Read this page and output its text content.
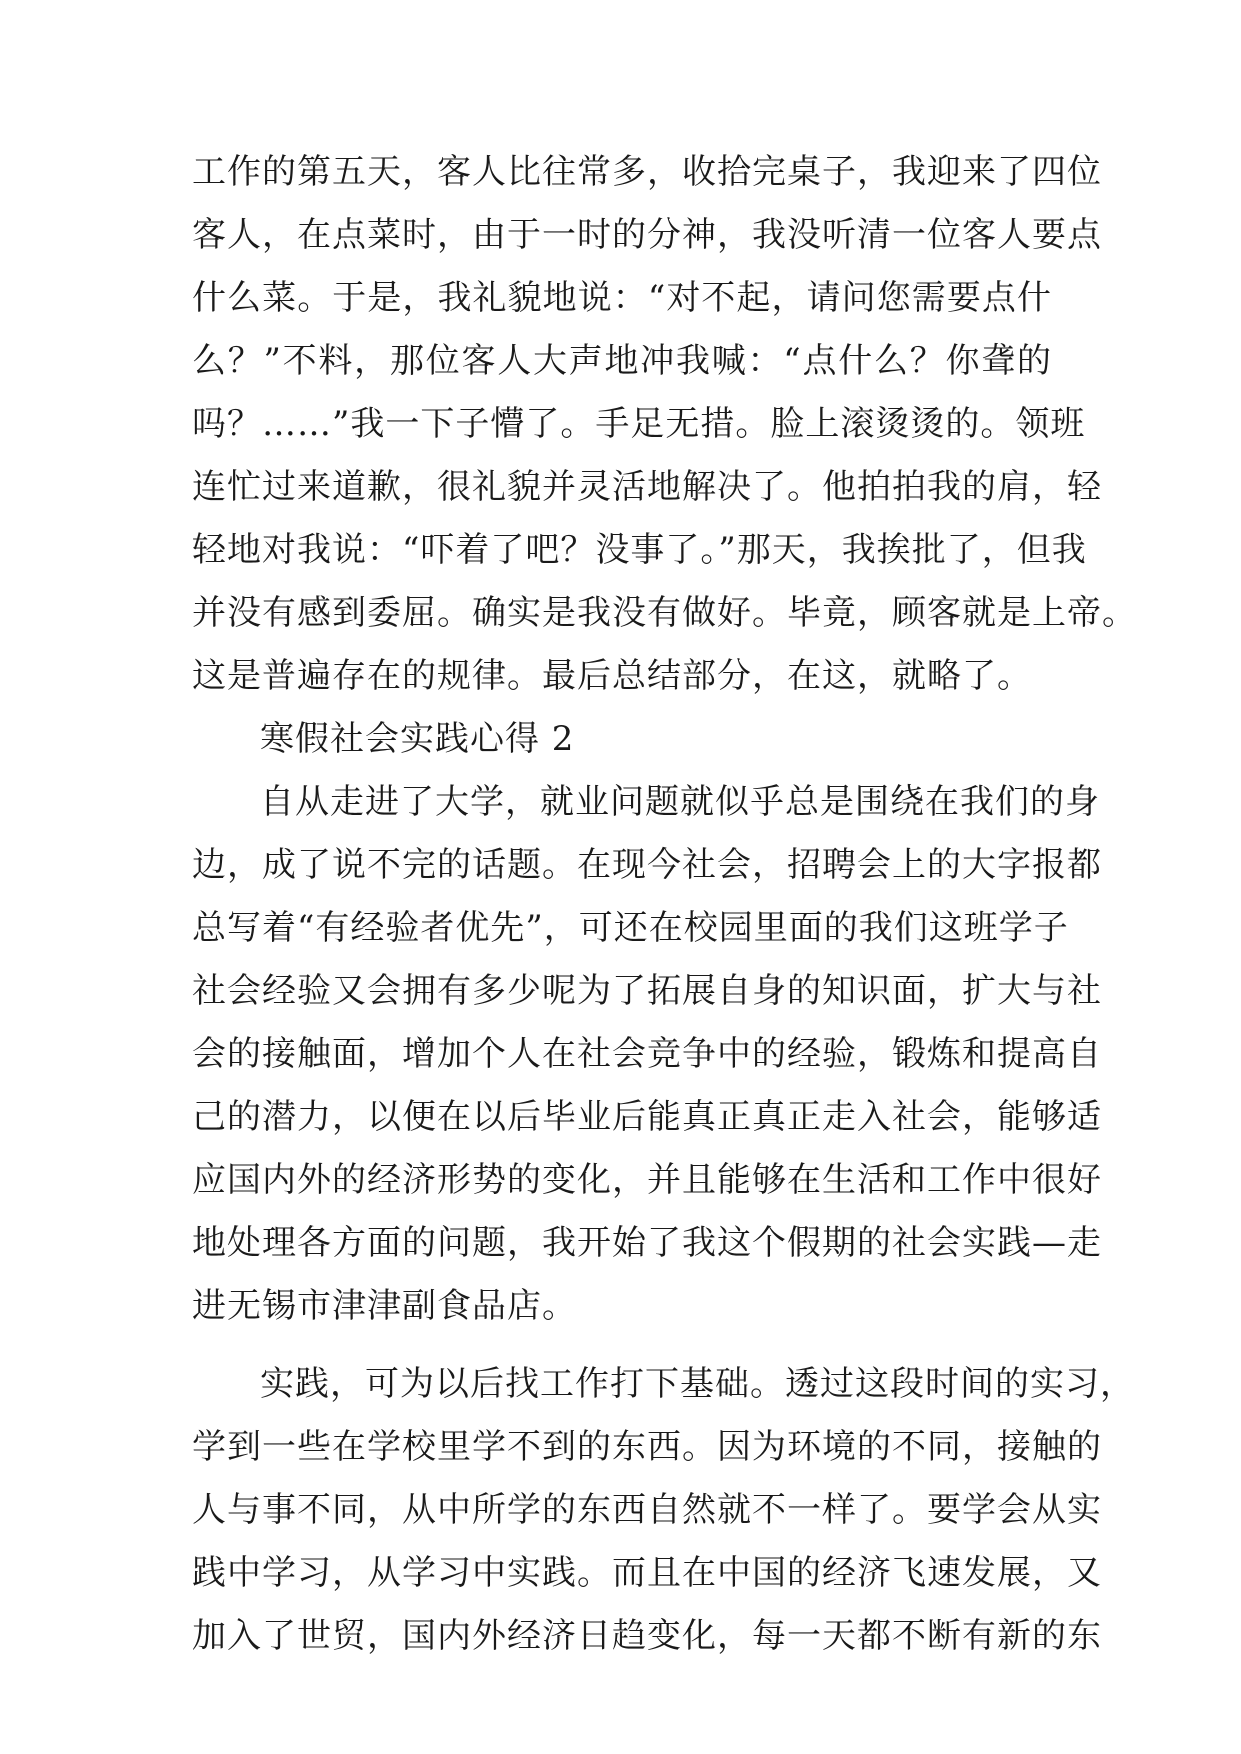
工作的第五天，客人比往常多，收拾完桌子，我迎来了四位
客人，在点菜时，由于一时的分神，我没听清一位客人要点
什么菜。于是，我礼貌地说：“对不起，请问您需要点什
么？”不料，那位客人大声地冲我喊：“点什么？你聋的
吗？……”我一下子懵了。手足无措。脸上滚烫烫的。领班
连忙过来道歉，很礼貌并灵活地解决了。他拍拍我的肩，轻
轻地对我说：“吓着了吧？没事了。”那天，我挨批了，但我
并没有感到委屈。确实是我没有做好。毕竟，顾客就是上帝。
这是普遍存在的规律。最后总结部分，在这，就略了。
寒假社会实践心得 2
自从走进了大学，就业问题就似乎总是围绕在我们的身
边，成了说不完的话题。在现今社会，招聘会上的大字报都
总写着“有经验者优先”，可还在校园里面的我们这班学子
社会经验又会拥有多少呢为了拓展自身的知识面，扩大与社
会的接触面，增加个人在社会竞争中的经验，锻炼和提高自
己的潜力，以便在以后毕业后能真正真正走入社会，能够适
应国内外的经济形势的变化，并且能够在生活和工作中很好
地处理各方面的问题，我开始了我这个假期的社会实践—走
进无锡市津津副食品店。
实践，可为以后找工作打下基础。透过这段时间的实习，
学到一些在学校里学不到的东西。因为环境的不同，接触的
人与事不同，从中所学的东西自然就不一样了。要学会从实
践中学习，从学习中实践。而且在中国的经济飞速发展，又
加入了世贸，国内外经济日趋变化，每一天都不断有新的东
